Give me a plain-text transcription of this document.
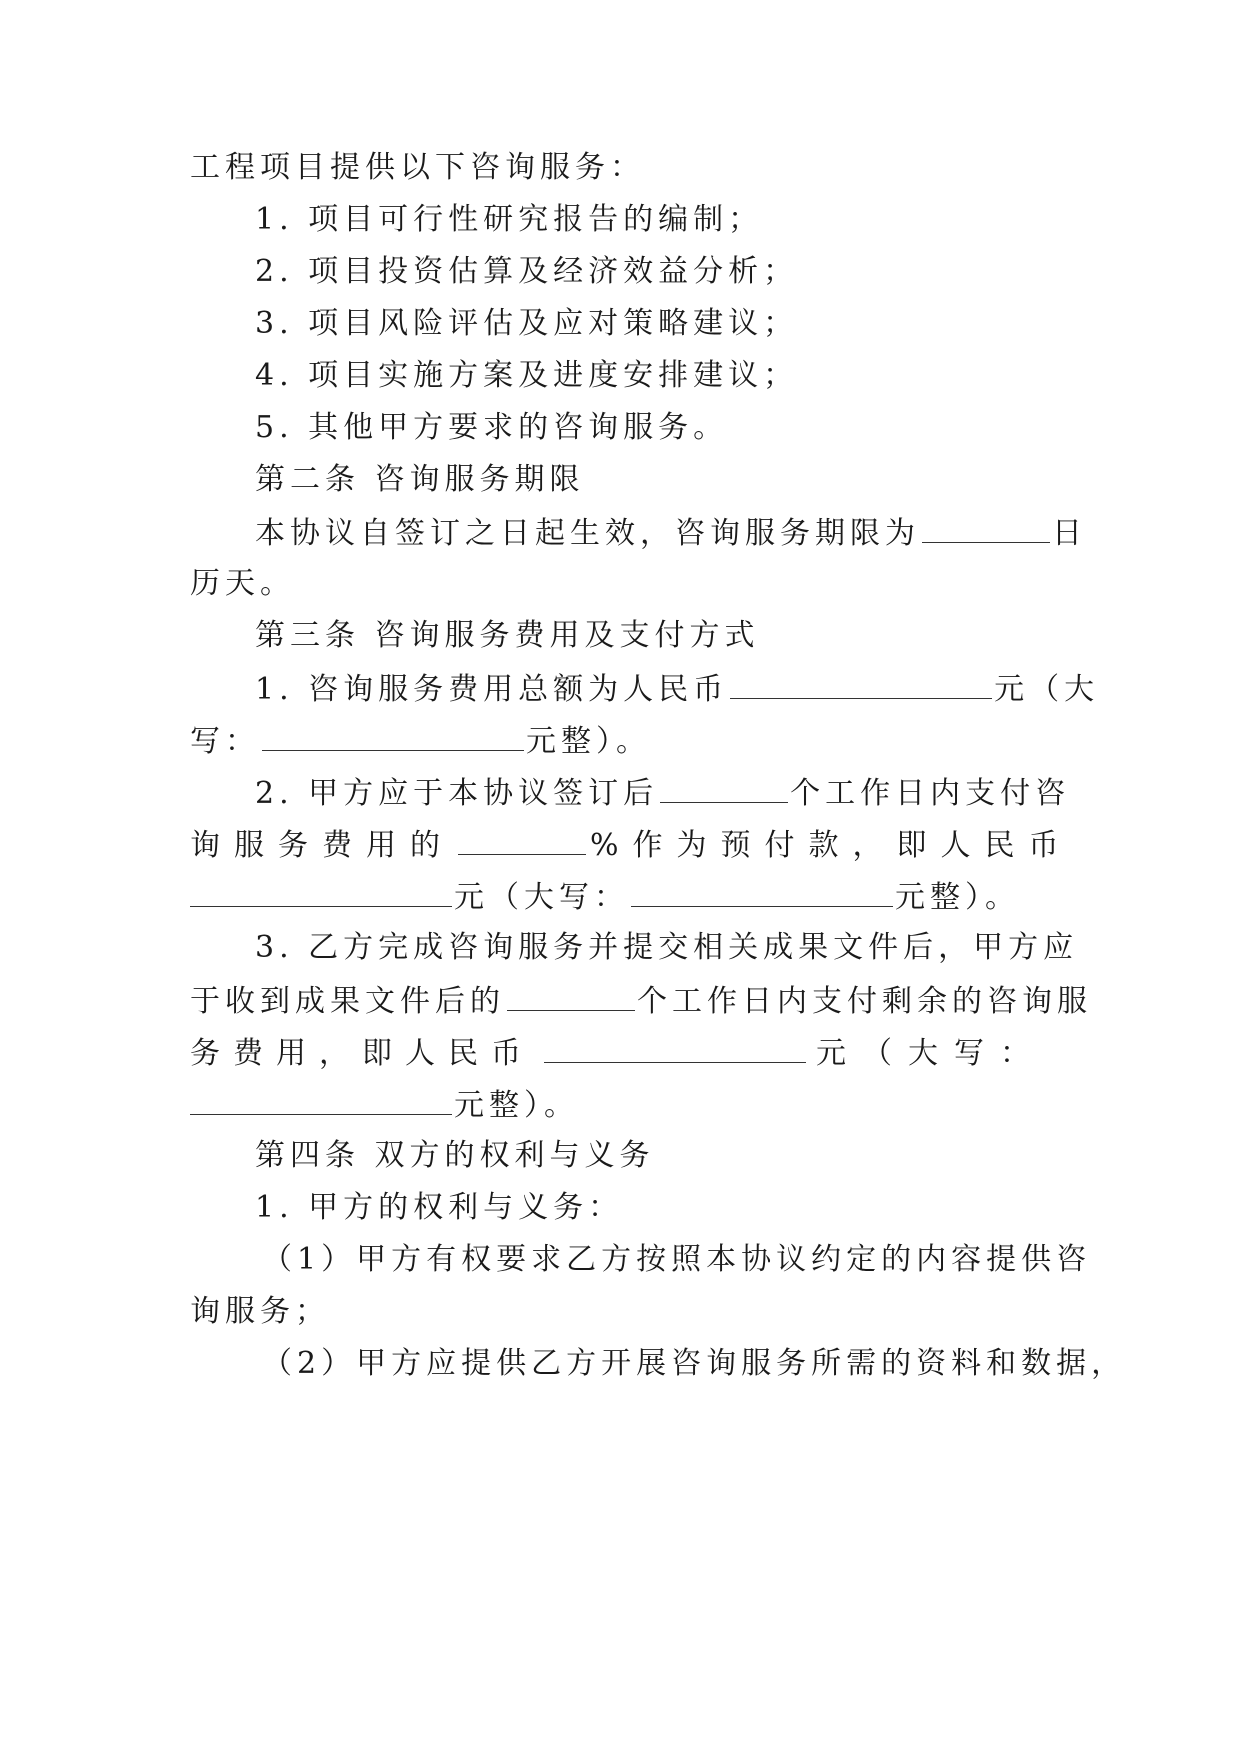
工程项目提供以下咨询服务：
1. 项目可行性研究报告的编制；
2. 项目投资估算及经济效益分析；
3. 项目风险评估及应对策略建议；
4. 项目实施方案及进度安排建议；
5. 其他甲方要求的咨询服务。
第二条 咨询服务期限
本协议自签订之日起生效，咨询服务期限为	日
历天。
第三条 咨询服务费用及支付方式
1. 咨询服务费用总额为人民币	元（大
写：	元整）。
2. 甲方应于本协议签订后	个工作日内支付咨
询服务费用的	%作为预付款，即人民币
元（大写：	元整）。
3. 乙方完成咨询服务并提交相关成果文件后，甲方应
于收到成果文件后的	个工作日内支付剩余的咨询服
务费用，即人民币	元（大写：
元整）。
第四条 双方的权利与义务
1. 甲方的权利与义务：
（1）甲方有权要求乙方按照本协议约定的内容提供咨
询服务；
（2）甲方应提供乙方开展咨询服务所需的资料和数据，
